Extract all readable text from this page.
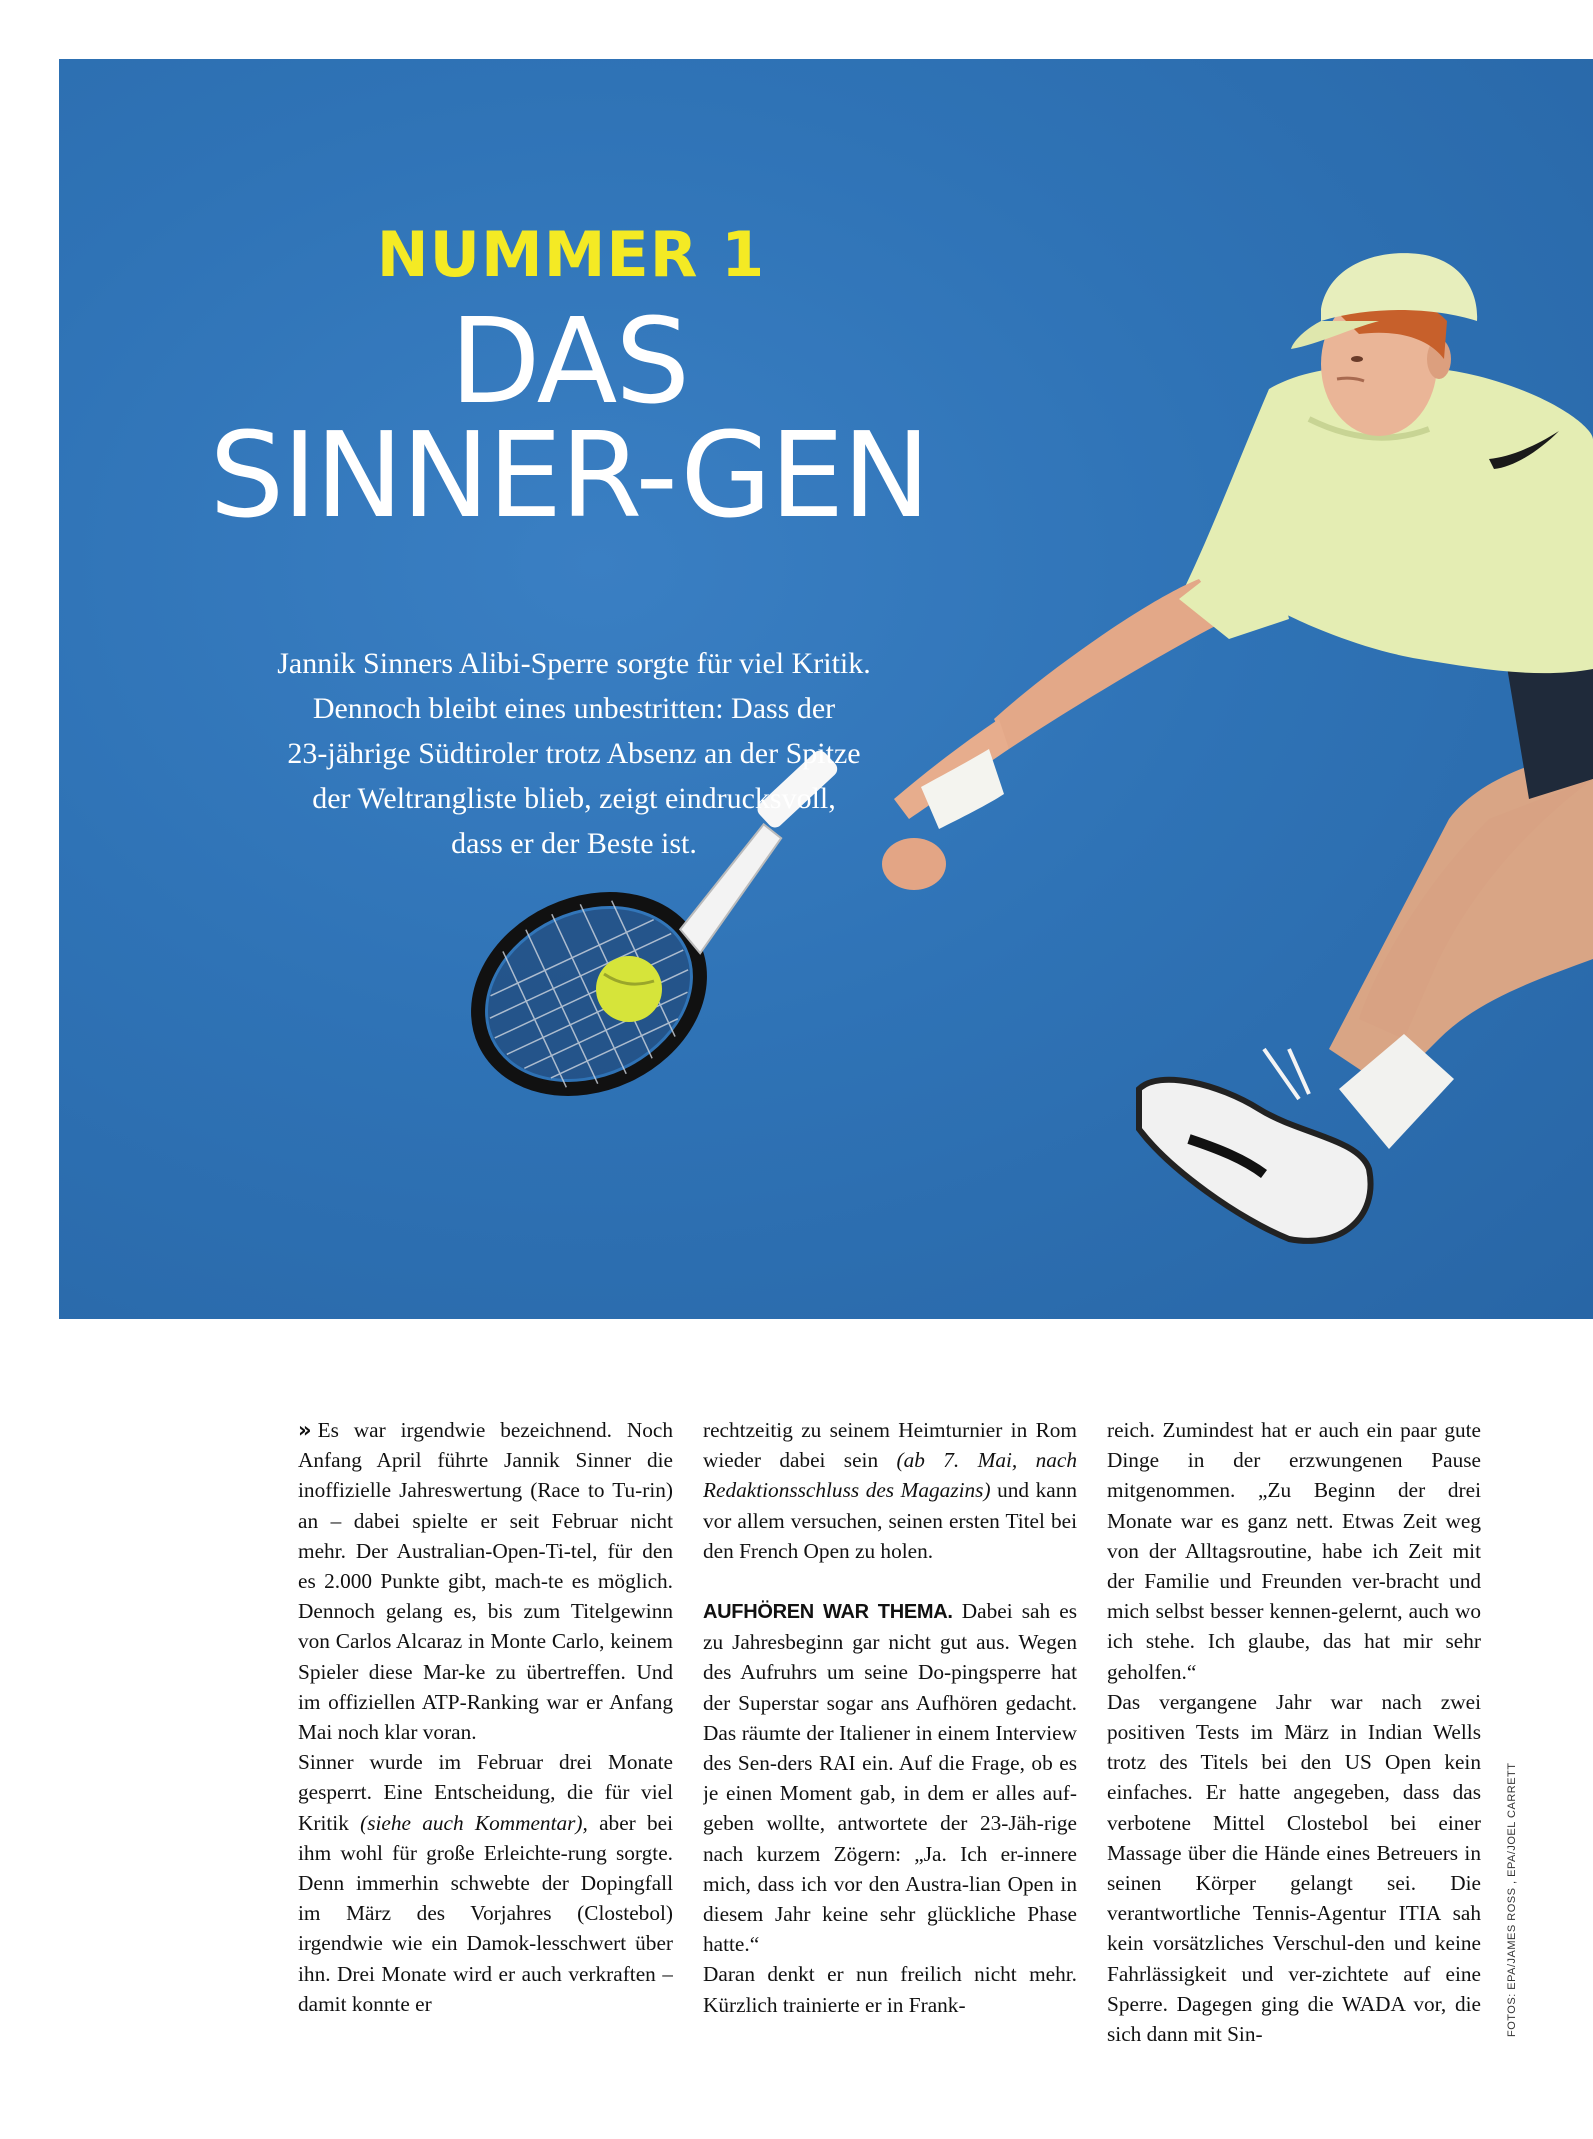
NUMMER 1
DAS
SINNER-GEN

Jannik Sinners Alibi-Sperre sorgte für viel Kritik.
Dennoch bleibt eines unbestritten: Dass der
23-jährige Südtiroler trotz Absenz an der Spitze
der Weltrangliste blieb, zeigt eindrucksvoll,
dass er der Beste ist.

» Es war irgendwie bezeichnend. Noch Anfang April führte Jannik Sinner die inoffizielle Jahreswertung (Race to Tu-rin) an – dabei spielte er seit Februar nicht mehr. Der Australian-Open-Ti-tel, für den es 2.000 Punkte gibt, mach-te es möglich. Dennoch gelang es, bis zum Titelgewinn von Carlos Alcaraz in Monte Carlo, keinem Spieler diese Mar-ke zu übertreffen. Und im offiziellen ATP-Ranking war er Anfang Mai noch klar voran.

Sinner wurde im Februar drei Monate gesperrt. Eine Entscheidung, die für viel Kritik (siehe auch Kommentar), aber bei ihm wohl für große Erleichte-rung sorgte. Denn immerhin schwebte der Dopingfall im März des Vorjahres (Clostebol) irgendwie wie ein Damok-lesschwert über ihn. Drei Monate wird er auch verkraften – damit konnte er

rechtzeitig zu seinem Heimturnier in Rom wieder dabei sein (ab 7. Mai, nach Redaktionsschluss des Magazins) und kann vor allem versuchen, seinen ersten Titel bei den French Open zu holen.

AUFHÖREN WAR THEMA. Dabei sah es zu Jahresbeginn gar nicht gut aus. Wegen des Aufruhrs um seine Do-pingsperre hat der Superstar sogar ans Aufhören gedacht. Das räumte der Italiener in einem Interview des Sen-ders RAI ein. Auf die Frage, ob es je einen Moment gab, in dem er alles auf-geben wollte, antwortete der 23-Jäh-rige nach kurzem Zögern: „Ja. Ich er-innere mich, dass ich vor den Austra-lian Open in diesem Jahr keine sehr glückliche Phase hatte.“

Daran denkt er nun freilich nicht mehr. Kürzlich trainierte er in Frank-

reich. Zumindest hat er auch ein paar gute Dinge in der erzwungenen Pause mitgenommen. „Zu Beginn der drei Monate war es ganz nett. Etwas Zeit weg von der Alltagsroutine, habe ich Zeit mit der Familie und Freunden ver-bracht und mich selbst besser kennen-gelernt, auch wo ich stehe. Ich glaube, das hat mir sehr geholfen.“

Das vergangene Jahr war nach zwei positiven Tests im März in Indian Wells trotz des Titels bei den US Open kein einfaches. Er hatte angegeben, dass das verbotene Mittel Clostebol bei einer Massage über die Hände eines Betreuers in seinen Körper gelangt sei. Die verantwortliche Tennis-Agentur ITIA sah kein vorsätzliches Verschul-den und keine Fahrlässigkeit und ver-zichtete auf eine Sperre. Dagegen ging die WADA vor, die sich dann mit Sin-	FOTOS: EPA/JAMES ROSS , EPA/JOEL CARRETT
